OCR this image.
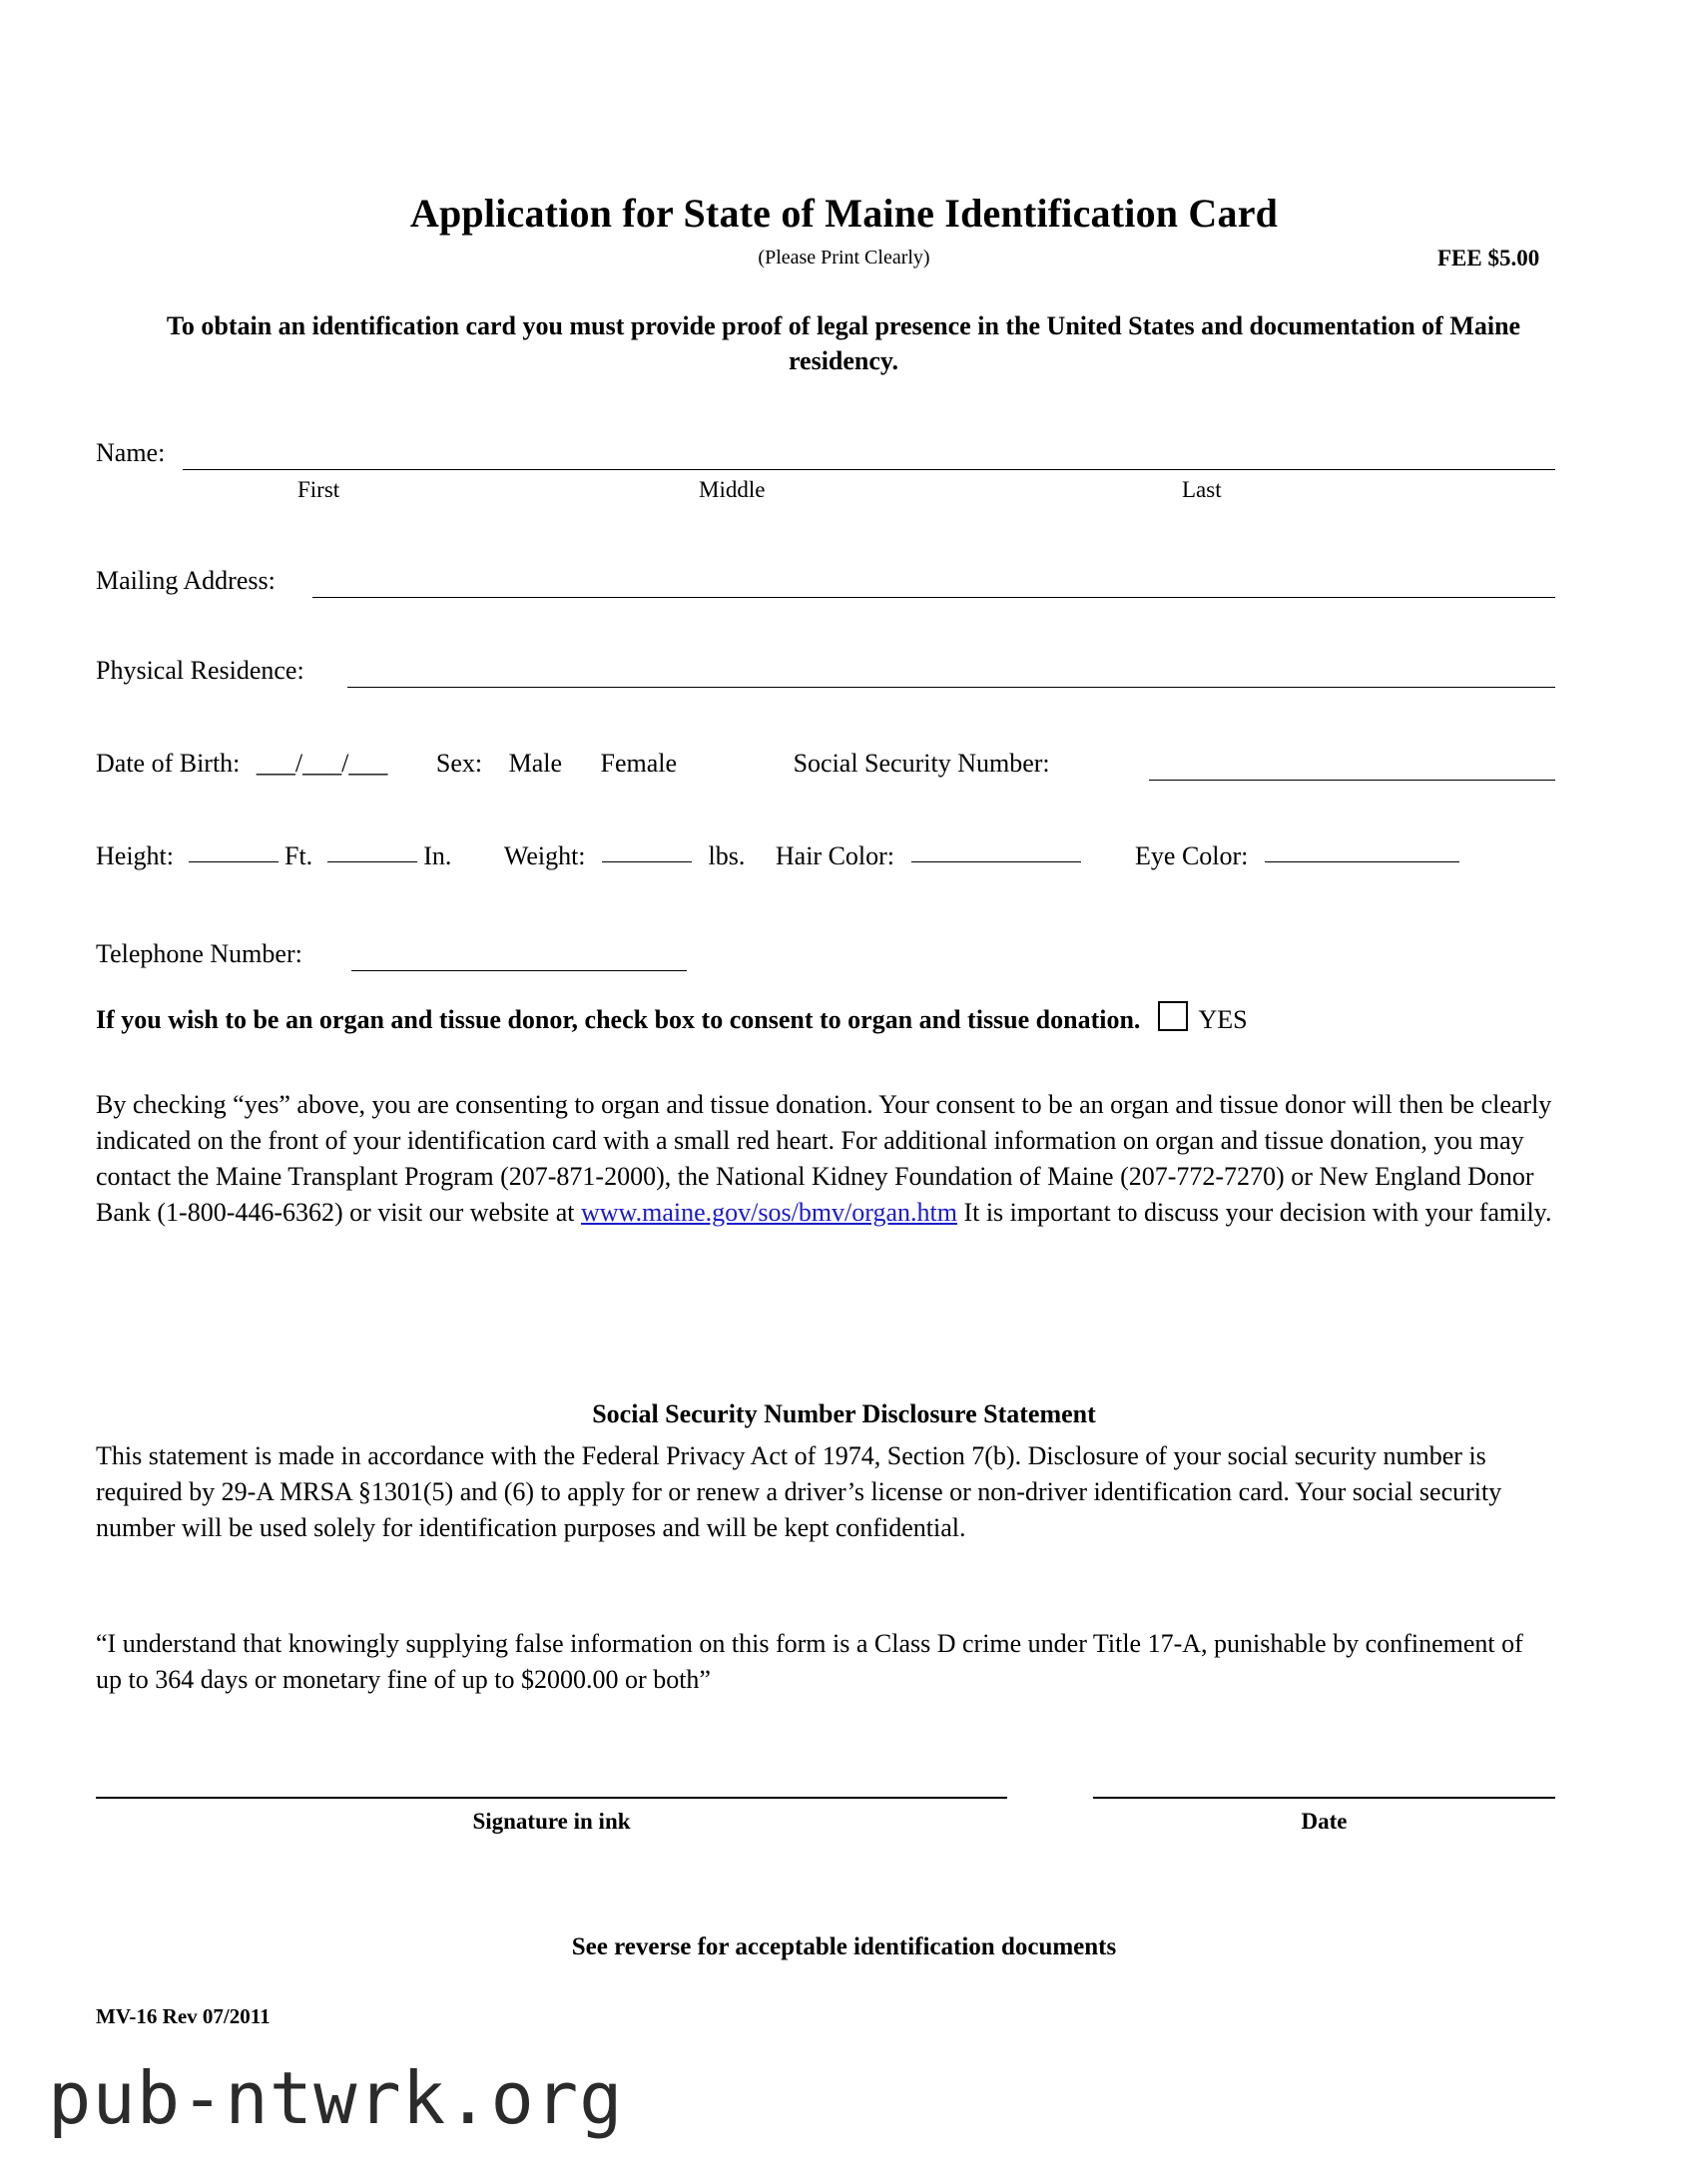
Application for State of Maine Identification Card
(Please Print Clearly)	FEE $5.00
To obtain an identification card you must provide proof of legal presence in the United States and documentation of Maine residency.
Name:
First	Middle	Last
Mailing Address:
Physical Residence:
Date of Birth: ___/___/___ Sex: Male Female	Social Security Number:
Height:	Ft.	In. Weight:	lbs. Hair Color:	Eye Color:
Telephone Number:
If you wish to be an organ and tissue donor, check box to consent to organ and tissue donation. YES
By checking “yes” above, you are consenting to organ and tissue donation. Your consent to be an organ and tissue donor will then be clearly indicated on the front of your identification card with a small red heart. For additional information on organ and tissue donation, you may contact the Maine Transplant Program (207-871-2000), the National Kidney Foundation of Maine (207-772-7270) or New England Donor Bank (1-800-446-6362) or visit our website at www.maine.gov/sos/bmv/organ.htm It is important to discuss your decision with your family.
Social Security Number Disclosure Statement
This statement is made in accordance with the Federal Privacy Act of 1974, Section 7(b). Disclosure of your social security number is required by 29-A MRSA §1301(5) and (6) to apply for or renew a driver’s license or non-driver identification card. Your social security number will be used solely for identification purposes and will be kept confidential.
“I understand that knowingly supplying false information on this form is a Class D crime under Title 17-A, punishable by confinement of up to 364 days or monetary fine of up to $2000.00 or both”
Signature in ink	Date
See reverse for acceptable identification documents
MV-16 Rev 07/2011
pub-ntwrk.org
